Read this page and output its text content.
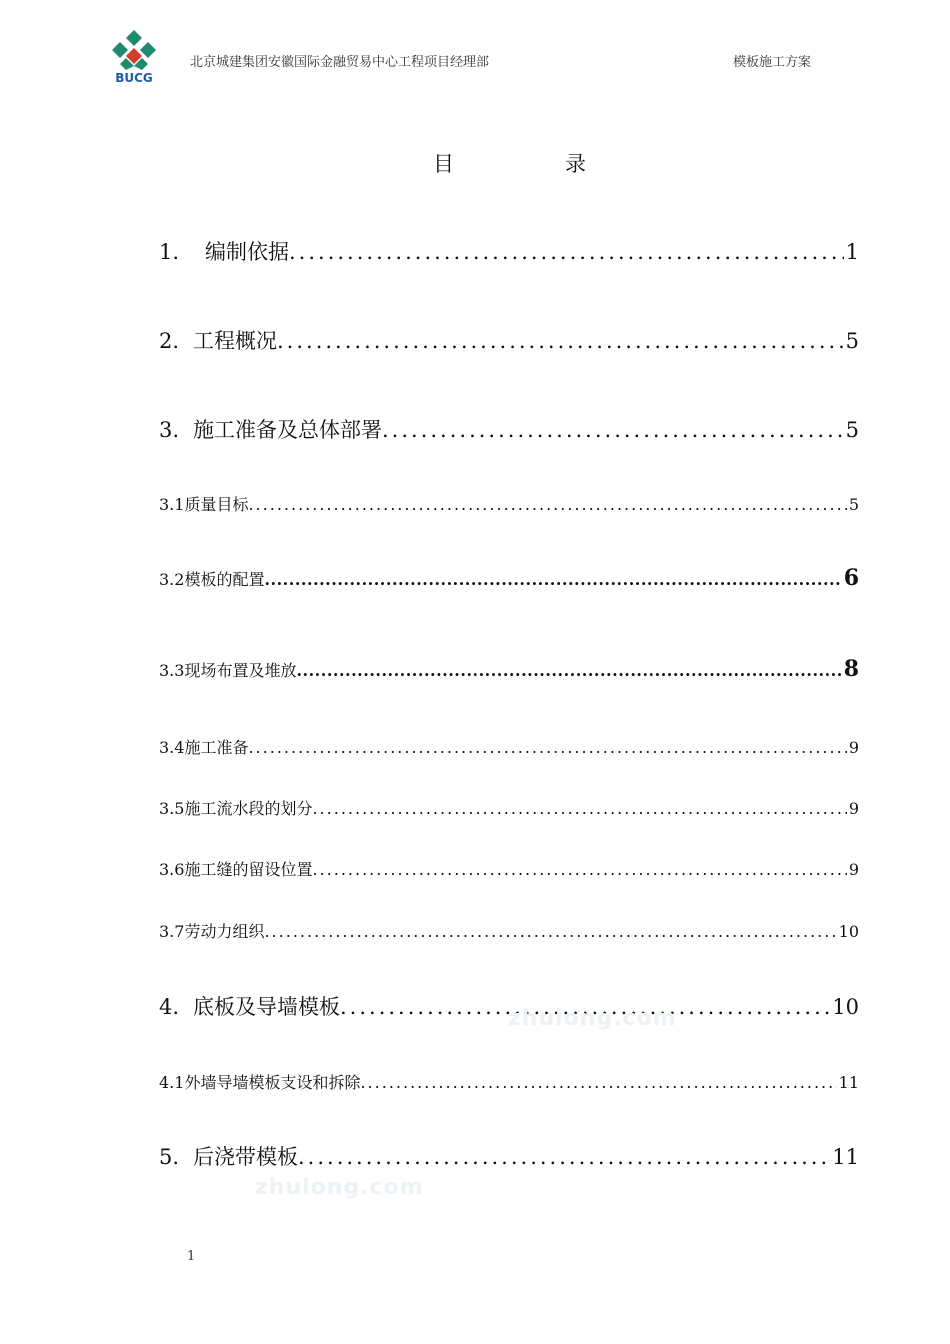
BUCG
北京城建集团安徽国际金融贸易中心工程项目经理部	模板施工方案
目	录
1.	编制依据 .....	1
2. 工程概况 .....	5
3. 施工准备及总体部署 .....	5
3.1 质量目标 .....	5
3.2 模板的配置 .....	6
3.3 现场布置及堆放 .....	8
3.4 施工准备 .....	9
3.5 施工流水段的划分 .....	9
3.6 施工缝的留设位置 .....	9
3.7 劳动力组织 .....	10
4. 底板及导墙模板 .....	10
4.1 外墙导墙模板支设和拆除 .....	11
5. 后浇带模板 .....	11
zhulong.com
zhulong.com
1
